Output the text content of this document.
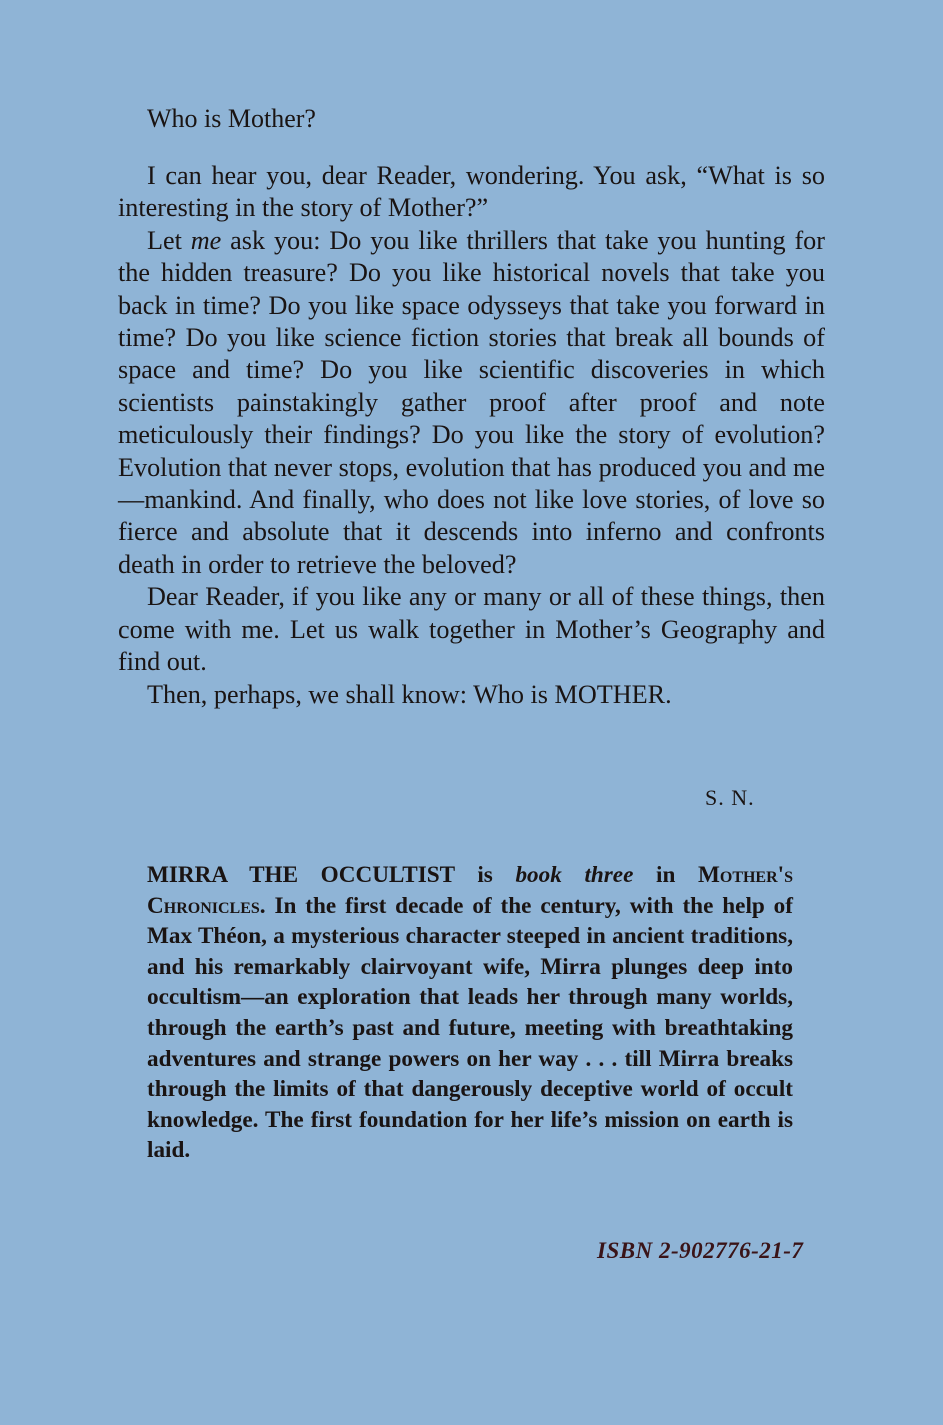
Who is Mother?

I can hear you, dear Reader, wondering. You ask, “What is so interesting in the story of Mother?”

Let me ask you: Do you like thrillers that take you hunting for the hidden treasure? Do you like historical novels that take you back in time? Do you like space odysseys that take you forward in time? Do you like science fiction stories that break all bounds of space and time? Do you like scientific discoveries in which scientists painstakingly gather proof after proof and note meticulously their findings? Do you like the story of evolution? Evolution that never stops, evolution that has produced you and me—mankind. And finally, who does not like love stories, of love so fierce and absolute that it descends into inferno and confronts death in order to retrieve the beloved?

Dear Reader, if you like any or many or all of these things, then come with me. Let us walk together in Mother’s Geography and find out.

Then, perhaps, we shall know: Who is MOTHER.

S. N.

MIRRA THE OCCULTIST is book three in Mother's Chronicles. In the first decade of the century, with the help of Max Théon, a mysterious character steeped in ancient traditions, and his remarkably clairvoyant wife, Mirra plunges deep into occultism—an exploration that leads her through many worlds, through the earth’s past and future, meeting with breathtaking adventures and strange powers on her way . . . till Mirra breaks through the limits of that dangerously deceptive world of occult knowledge. The first foundation for her life’s mission on earth is laid.

ISBN 2-902776-21-7
